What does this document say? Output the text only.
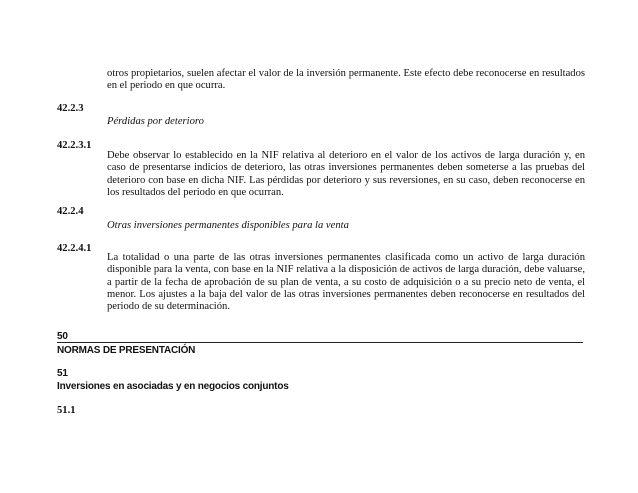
otros propietarios, suelen afectar el valor de la inversión permanente. Este efecto debe reconocerse en resultados en el periodo en que ocurra.

42.2.3

Pérdidas por deterioro

42.2.3.1

Debe observar lo establecido en la NIF relativa al deterioro en el valor de los activos de larga duración y, en caso de presentarse indicios de deterioro, las otras inversiones permanentes deben someterse a las pruebas del deterioro con base en dicha NIF. Las pérdidas por deterioro y sus reversiones, en su caso, deben reconocerse en los resultados del periodo en que ocurran.

42.2.4

Otras inversiones permanentes disponibles para la venta

42.2.4.1

La totalidad o una parte de las otras inversiones permanentes clasificada como un activo de larga duración disponible para la venta, con base en la NIF relativa a la disposición de activos de larga duración, debe valuarse, a partir de la fecha de aprobación de su plan de venta, a su costo de adquisición o a su precio neto de venta, el menor. Los ajustes a la baja del valor de las otras inversiones permanentes deben reconocerse en resultados del periodo de su determinación.

50

NORMAS DE PRESENTACIÓN

51

Inversiones en asociadas y en negocios conjuntos

51.1
